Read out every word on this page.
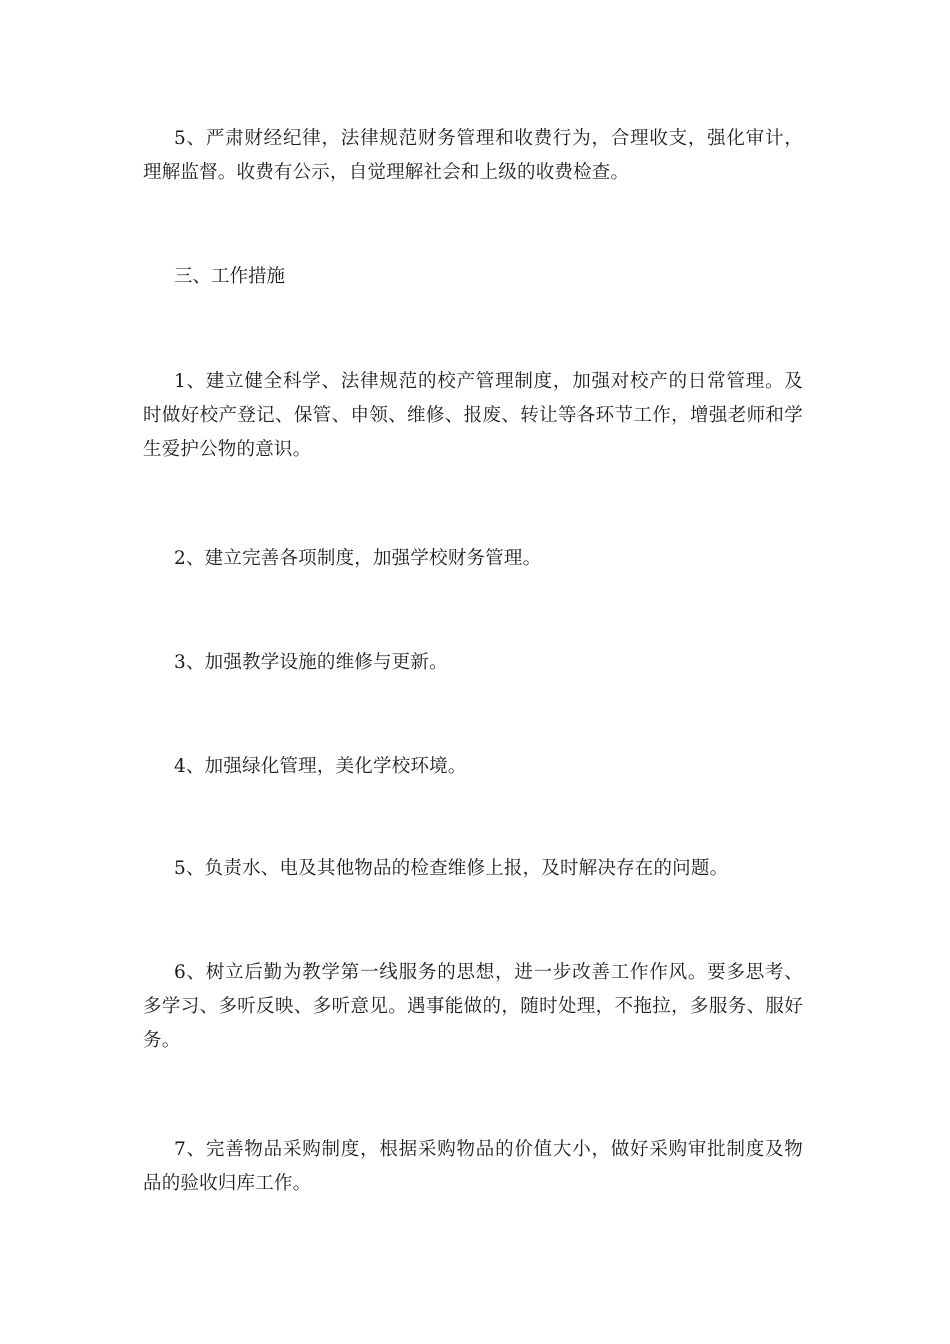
5、严肃财经纪律，法律规范财务管理和收费行为，合理收支，强化审计，理解监督。收费有公示，自觉理解社会和上级的收费检查。

三、工作措施

1、建立健全科学、法律规范的校产管理制度，加强对校产的日常管理。及时做好校产登记、保管、申领、维修、报废、转让等各环节工作，增强老师和学生爱护公物的意识。

2、建立完善各项制度，加强学校财务管理。

3、加强教学设施的维修与更新。

4、加强绿化管理，美化学校环境。

5、负责水、电及其他物品的检查维修上报，及时解决存在的问题。

6、树立后勤为教学第一线服务的思想，进一步改善工作作风。要多思考、多学习、多听反映、多听意见。遇事能做的，随时处理，不拖拉，多服务、服好务。

7、完善物品采购制度，根据采购物品的价值大小，做好采购审批制度及物品的验收归库工作。
